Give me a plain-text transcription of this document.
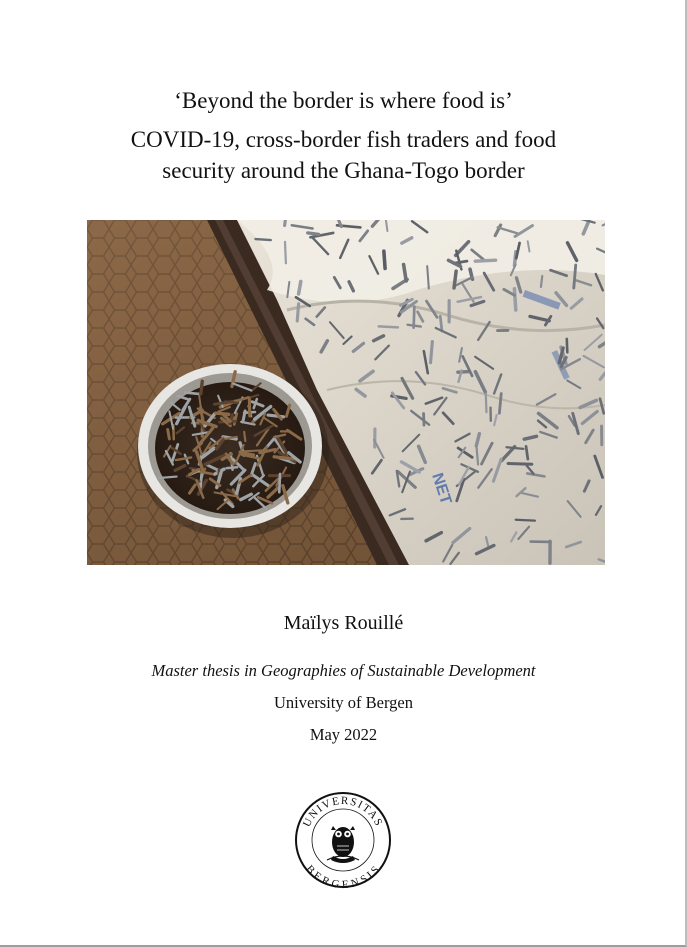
‘Beyond the border is where food is’
COVID-19, cross-border fish traders and food
security around the Ghana-Togo border
NET
Maïlys Rouillé
Master thesis in Geographies of Sustainable Development
University of Bergen
May 2022
UNIVERSITAS
BERGENSIS
